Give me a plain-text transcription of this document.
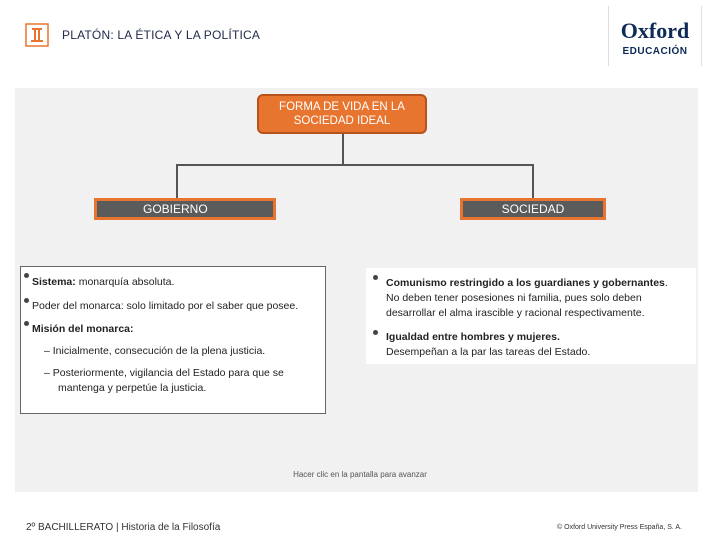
PLATÓN: LA ÉTICA Y LA POLÍTICA	Oxford
EDUCACIÓN
FORMA DE VIDA EN LA SOCIEDAD IDEAL
GOBIERNO	SOCIEDAD
Sistema: monarquía absoluta.
Poder del monarca: solo limitado por el saber que posee.
Misión del monarca:
– Inicialmente, consecución de la plena justicia.
– Posteriormente, vigilancia del Estado para que se
mantenga y perpetúe la justicia.
Comunismo restringido a los guardianes y gobernantes.
No deben tener posesiones ni familia, pues solo deben
desarrollar el alma irascible y racional respectivamente.
Igualdad entre hombres y mujeres.
Desempeñan a la par las tareas del Estado.
Hacer clic en la pantalla para avanzar
2º BACHILLERATO | Historia de la Filosofía	© Oxford University Press España, S. A.
